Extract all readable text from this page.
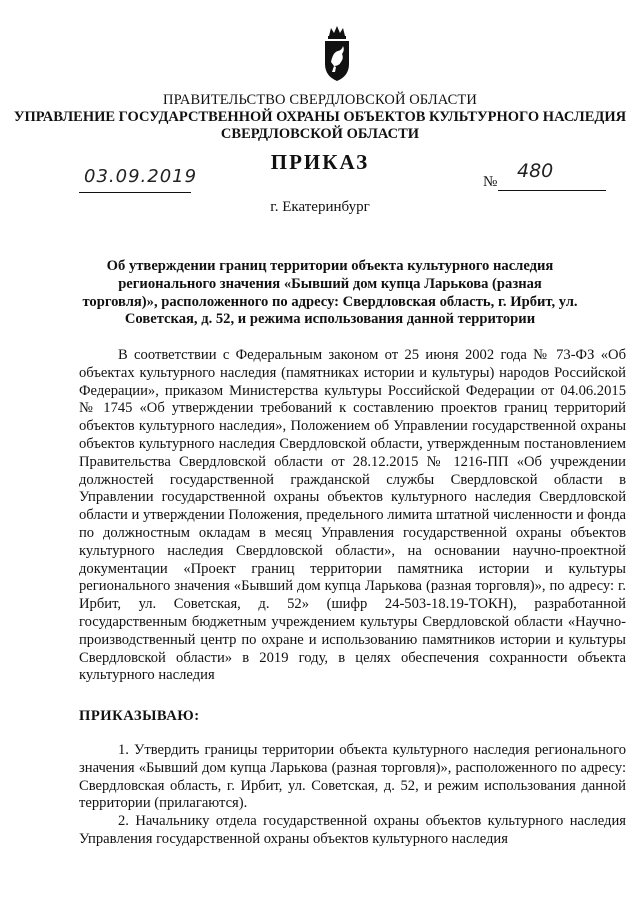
ПРАВИТЕЛЬСТВО СВЕРДЛОВСКОЙ ОБЛАСТИ
УПРАВЛЕНИЕ ГОСУДАРСТВЕННОЙ ОХРАНЫ ОБЪЕКТОВ КУЛЬТУРНОГО НАСЛЕДИЯ
СВЕРДЛОВСКОЙ ОБЛАСТИ
ПРИКАЗ
03.09.2019	№ 480
г. Екатеринбург
Об утверждении границ территории объекта культурного наследия регионального значения «Бывший дом купца Ларькова (разная торговля)», расположенного по адресу: Свердловская область, г. Ирбит, ул. Советская, д. 52, и режима использования данной территории

В соответствии с Федеральным законом от 25 июня 2002 года № 73-ФЗ «Об объектах культурного наследия (памятниках истории и культуры) народов Российской Федерации», приказом Министерства культуры Российской Федерации от 04.06.2015 № 1745 «Об утверждении требований к составлению проектов границ территорий объектов культурного наследия», Положением об Управлении государственной охраны объектов культурного наследия Свердловской области, утвержденным постановлением Правительства Свердловской области от 28.12.2015 № 1216-ПП «Об учреждении должностей государственной гражданской службы Свердловской области в Управлении государственной охраны объектов культурного наследия Свердловской области и утверждении Положения, предельного лимита штатной численности и фонда по должностным окладам в месяц Управления государственной охраны объектов культурного наследия Свердловской области», на основании научно-проектной документации «Проект границ территории памятника истории и культуры регионального значения «Бывший дом купца Ларькова (разная торговля)», по адресу: г. Ирбит, ул. Советская, д. 52» (шифр 24-503-18.19-ТОКН), разработанной государственным бюджетным учреждением культуры Свердловской области «Научно-производственный центр по охране и использованию памятников истории и культуры Свердловской области» в 2019 году, в целях обеспечения сохранности объекта культурного наследия

ПРИКАЗЫВАЮ:

1. Утвердить границы территории объекта культурного наследия регионального значения «Бывший дом купца Ларькова (разная торговля)», расположенного по адресу: Свердловская область, г. Ирбит, ул. Советская, д. 52, и режим использования данной территории (прилагаются).

2. Начальнику отдела государственной охраны объектов культурного наследия Управления государственной охраны объектов культурного наследия
